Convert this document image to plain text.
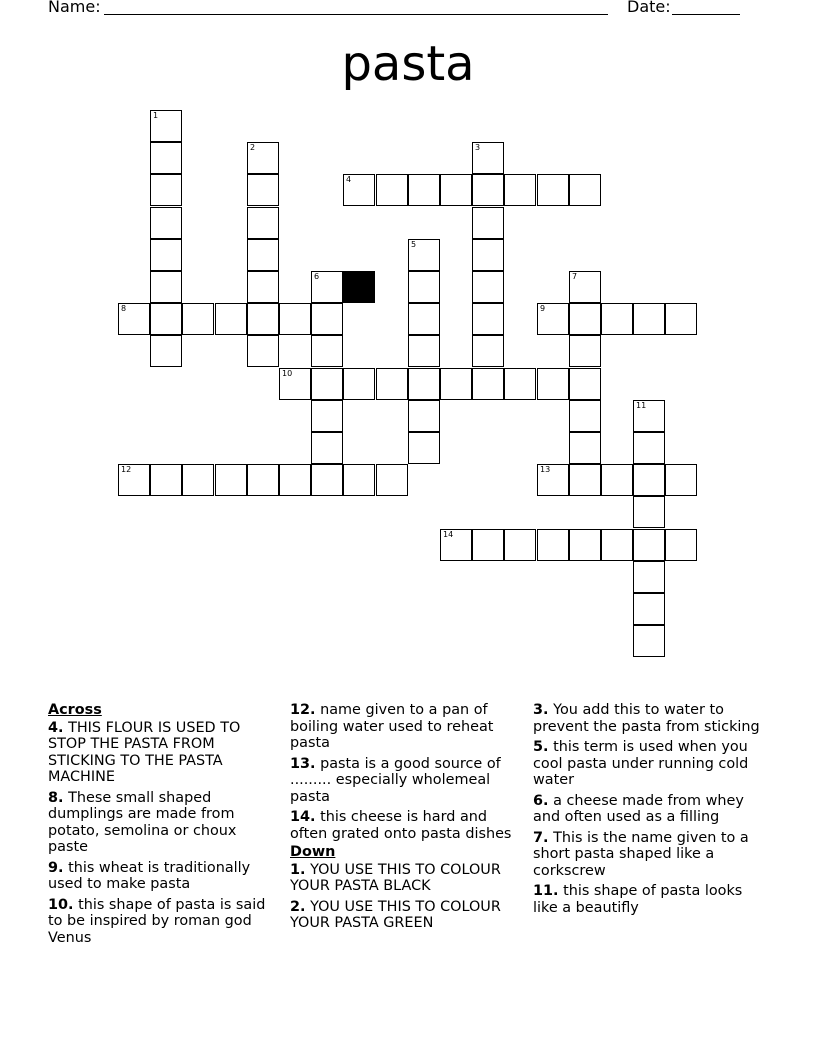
Name:	Date:
pasta
1
2	3
4
5
6	7
8	9
10
11
12	13
14
Across
4. THIS FLOUR IS USED TO STOP THE PASTA FROM STICKING TO THE PASTA MACHINE
8. These small shaped dumplings are made from potato, semolina or choux paste
9. this wheat is traditionally used to make pasta
10. this shape of pasta is said to be inspired by roman god Venus
12. name given to a pan of boiling water used to reheat pasta
13. pasta is a good source of ......... especially wholemeal pasta
14. this cheese is hard and often grated onto pasta dishes
Down
1. YOU USE THIS TO COLOUR YOUR PASTA BLACK
2. YOU USE THIS TO COLOUR YOUR PASTA GREEN
3. You add this to water to prevent the pasta from sticking
5. this term is used when you cool pasta under running cold water
6. a cheese made from whey and often used as a filling
7. This is the name given to a short pasta shaped like a corkscrew
11. this shape of pasta looks like a beautifly
